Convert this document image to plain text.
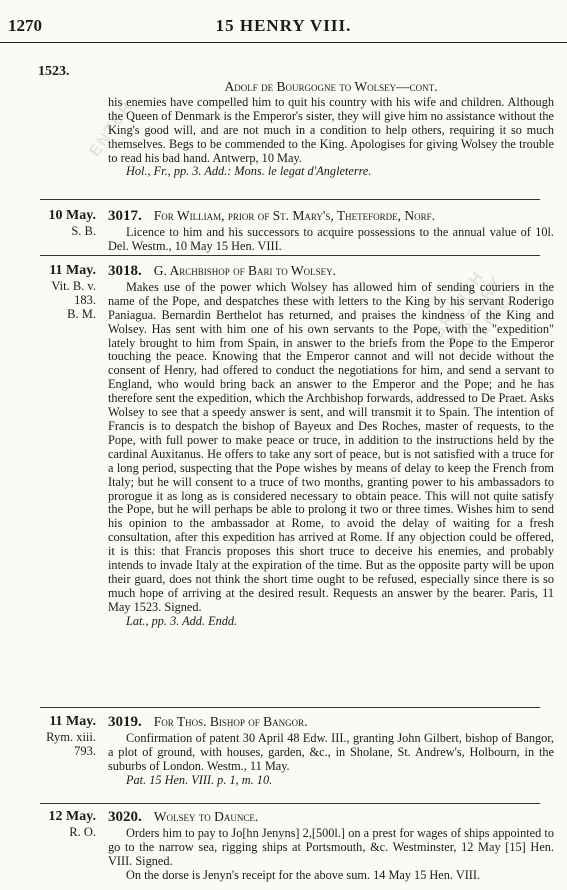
1270	15 HENRY VIII.
1523.
ENTER
BRITISH HISTORY ONLINE

Adolf de Bourgogne to Wolsey—cont.

his enemies have compelled him to quit his country with his wife and children. Although the Queen of Denmark is the Emperor's sister, they will give him no assistance without the King's good will, and are not much in a condition to help others, requiring it so much themselves. Begs to be commended to the King. Apologises for giving Wolsey the trouble to read his bad hand. Antwerp, 10 May.

Hol., Fr., pp. 3. Add.: Mons. le legat d'Angleterre.
10 May.
S. B.

3017. For William, prior of St. Mary's, Theteforde, Norf.

Licence to him and his successors to acquire possessions to the annual value of 10l. Del. Westm., 10 May 15 Hen. VIII.

11 May.
Vit. B. v.
183.
B. M.

3018. G. Archbishop of Bari to Wolsey.

Makes use of the power which Wolsey has allowed him of sending couriers in the name of the Pope, and despatches these with letters to the King by his servant Roderigo Paniagua. Bernardin Berthelot has returned, and praises the kindness of the King and Wolsey. Has sent with him one of his own servants to the Pope, with the "expedition" lately brought to him from Spain, in answer to the briefs from the Pope to the Emperor touching the peace. Knowing that the Emperor cannot and will not decide without the consent of Henry, had offered to conduct the negotiations for him, and send a servant to England, who would bring back an answer to the Emperor and the Pope; and he has therefore sent the expedition, which the Archbishop forwards, addressed to De Praet. Asks Wolsey to see that a speedy answer is sent, and will transmit it to Spain. The intention of Francis is to despatch the bishop of Bayeux and Des Roches, master of requests, to the Pope, with full power to make peace or truce, in addition to the instructions held by the cardinal Auxitanus. He offers to take any sort of peace, but is not satisfied with a truce for a long period, suspecting that the Pope wishes by means of delay to keep the French from Italy; but he will consent to a truce of two months, granting power to his ambassadors to prorogue it as long as is considered necessary to obtain peace. This will not quite satisfy the Pope, but he will perhaps be able to prolong it two or three times. Wishes him to send his opinion to the ambassador at Rome, to avoid the delay of waiting for a fresh consultation, after this expedition has arrived at Rome. If any objection could be offered, it is this: that Francis proposes this short truce to deceive his enemies, and probably intends to invade Italy at the expiration of the time. But as the opposite party will be upon their guard, does not think the short time ought to be refused, especially since there is so much hope of arriving at the desired result. Requests an answer by the bearer. Paris, 11 May 1523. Signed.

Lat., pp. 3. Add. Endd.
11 May.
Rym. xiii.
793.

3019. For Thos. Bishop of Bangor.

Confirmation of patent 30 April 48 Edw. III., granting John Gilbert, bishop of Bangor, a plot of ground, with houses, garden, &c., in Sholane, St. Andrew's, Holbourn, in the suburbs of London. Westm., 11 May.

Pat. 15 Hen. VIII. p. 1, m. 10.
12 May.
R. O.

3020. Wolsey to Daunce.

Orders him to pay to Jo[hn Jenyns] 2,[500l.] on a prest for wages of ships appointed to go to the narrow sea, rigging ships at Portsmouth, &c. Westminster, 12 May [15] Hen. VIII. Signed.

On the dorse is Jenyn's receipt for the above sum. 14 May 15 Hen. VIII.
